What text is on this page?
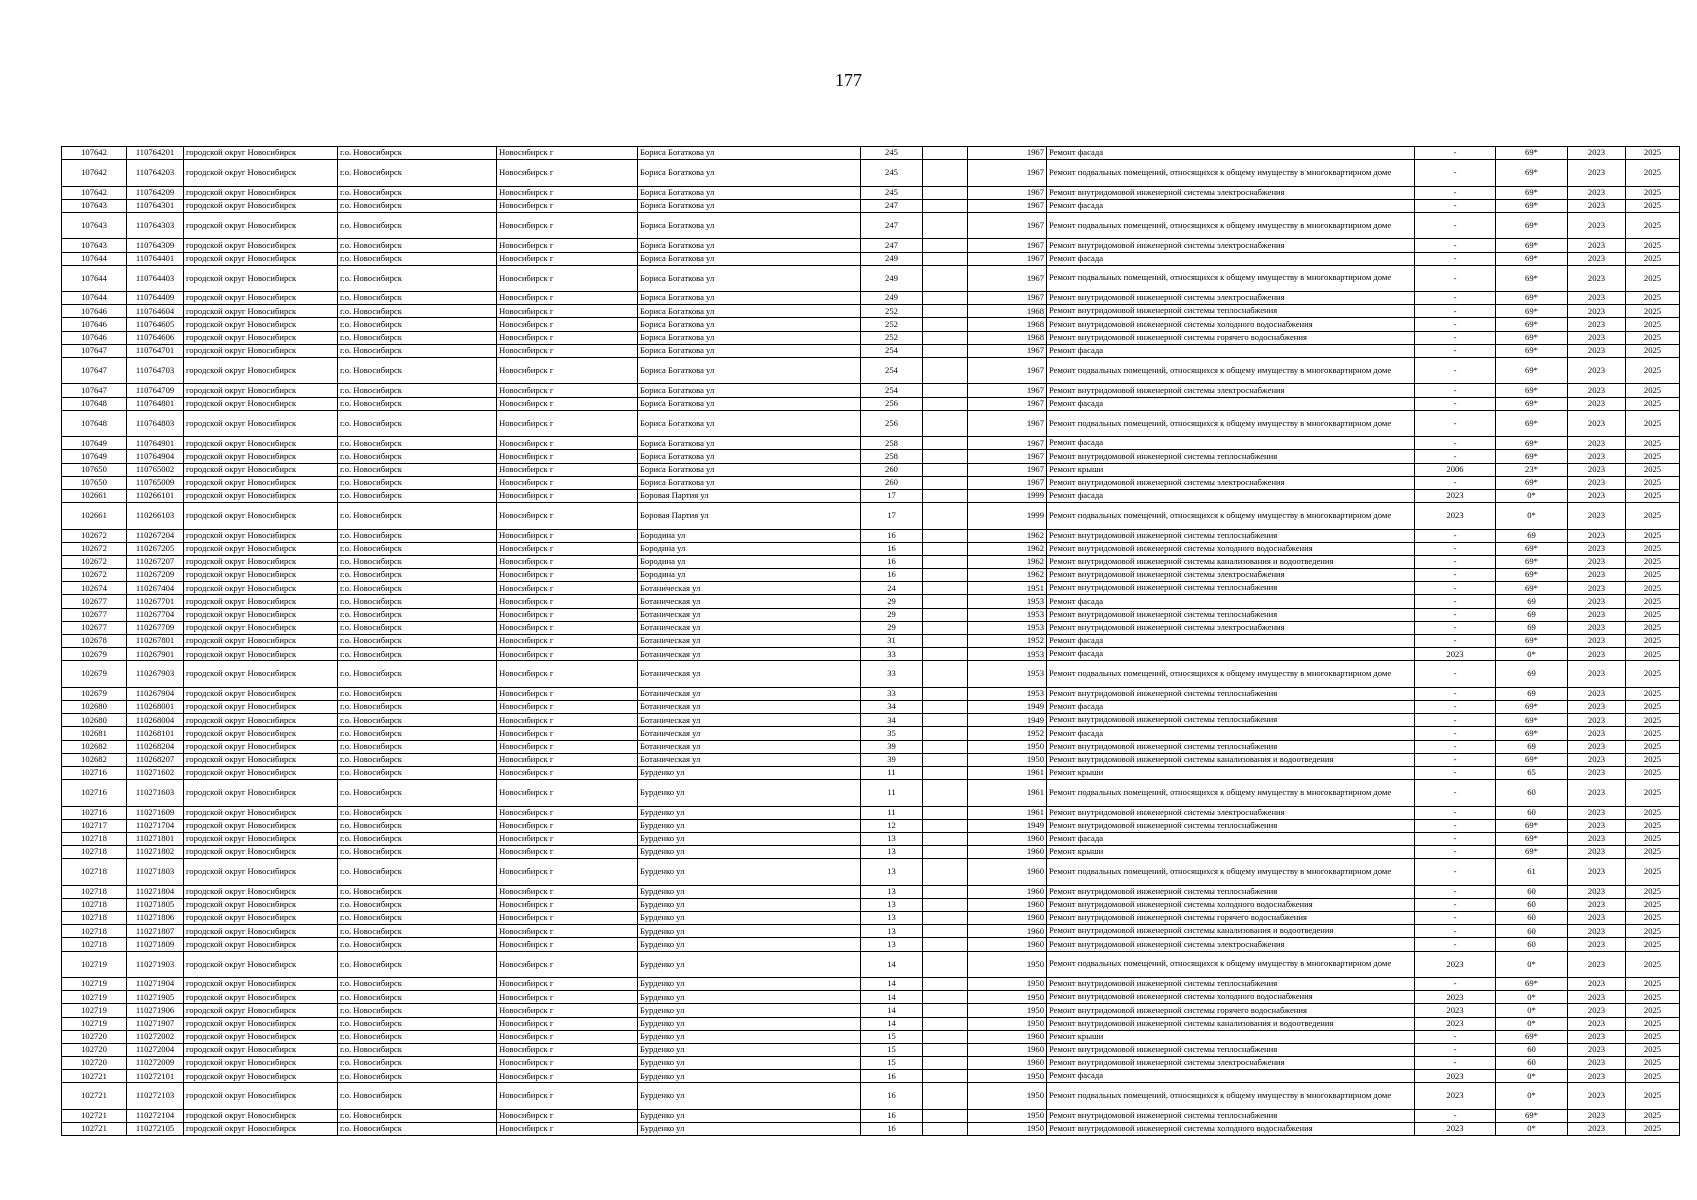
177
107642	110764201	городской округ Новосибирск	г.о. Новосибирск	Новосибирск г	Бориса Богаткова ул	245		1967	Ремонт фасада	-	69*	2023	2025
107642	110764203	городской округ Новосибирск	г.о. Новосибирск	Новосибирск г	Бориса Богаткова ул	245		1967	Ремонт подвальных помещений, относящихся к общему имуществу в многоквартирном доме	-	69*	2023	2025
107642	110764209	городской округ Новосибирск	г.о. Новосибирск	Новосибирск г	Бориса Богаткова ул	245		1967	Ремонт внутридомовой инженерной системы электроснабжения	-	69*	2023	2025
107643	110764301	городской округ Новосибирск	г.о. Новосибирск	Новосибирск г	Бориса Богаткова ул	247		1967	Ремонт фасада	-	69*	2023	2025
107643	110764303	городской округ Новосибирск	г.о. Новосибирск	Новосибирск г	Бориса Богаткова ул	247		1967	Ремонт подвальных помещений, относящихся к общему имуществу в многоквартирном доме	-	69*	2023	2025
107643	110764309	городской округ Новосибирск	г.о. Новосибирск	Новосибирск г	Бориса Богаткова ул	247		1967	Ремонт внутридомовой инженерной системы электроснабжения	-	69*	2023	2025
107644	110764401	городской округ Новосибирск	г.о. Новосибирск	Новосибирск г	Бориса Богаткова ул	249		1967	Ремонт фасада	-	69*	2023	2025
107644	110764403	городской округ Новосибирск	г.о. Новосибирск	Новосибирск г	Бориса Богаткова ул	249		1967	Ремонт подвальных помещений, относящихся к общему имуществу в многоквартирном доме	-	69*	2023	2025
107644	110764409	городской округ Новосибирск	г.о. Новосибирск	Новосибирск г	Бориса Богаткова ул	249		1967	Ремонт внутридомовой инженерной системы электроснабжения	-	69*	2023	2025
107646	110764604	городской округ Новосибирск	г.о. Новосибирск	Новосибирск г	Бориса Богаткова ул	252		1968	Ремонт внутридомовой инженерной системы теплоснабжения	-	69*	2023	2025
107646	110764605	городской округ Новосибирск	г.о. Новосибирск	Новосибирск г	Бориса Богаткова ул	252		1968	Ремонт внутридомовой инженерной системы холодного водоснабжения	-	69*	2023	2025
107646	110764606	городской округ Новосибирск	г.о. Новосибирск	Новосибирск г	Бориса Богаткова ул	252		1968	Ремонт внутридомовой инженерной системы горячего водоснабжения	-	69*	2023	2025
107647	110764701	городской округ Новосибирск	г.о. Новосибирск	Новосибирск г	Бориса Богаткова ул	254		1967	Ремонт фасада	-	69*	2023	2025
107647	110764703	городской округ Новосибирск	г.о. Новосибирск	Новосибирск г	Бориса Богаткова ул	254		1967	Ремонт подвальных помещений, относящихся к общему имуществу в многоквартирном доме	-	69*	2023	2025
107647	110764709	городской округ Новосибирск	г.о. Новосибирск	Новосибирск г	Бориса Богаткова ул	254		1967	Ремонт внутридомовой инженерной системы электроснабжения	-	69*	2023	2025
107648	110764801	городской округ Новосибирск	г.о. Новосибирск	Новосибирск г	Бориса Богаткова ул	256		1967	Ремонт фасада	-	69*	2023	2025
107648	110764803	городской округ Новосибирск	г.о. Новосибирск	Новосибирск г	Бориса Богаткова ул	256		1967	Ремонт подвальных помещений, относящихся к общему имуществу в многоквартирном доме	-	69*	2023	2025
107649	110764901	городской округ Новосибирск	г.о. Новосибирск	Новосибирск г	Бориса Богаткова ул	258		1967	Ремонт фасада	-	69*	2023	2025
107649	110764904	городской округ Новосибирск	г.о. Новосибирск	Новосибирск г	Бориса Богаткова ул	258		1967	Ремонт внутридомовой инженерной системы теплоснабжения	-	69*	2023	2025
107650	110765002	городской округ Новосибирск	г.о. Новосибирск	Новосибирск г	Бориса Богаткова ул	260		1967	Ремонт крыши	2006	23*	2023	2025
107650	110765009	городской округ Новосибирск	г.о. Новосибирск	Новосибирск г	Бориса Богаткова ул	260		1967	Ремонт внутридомовой инженерной системы электроснабжения	-	69*	2023	2025
102661	110266101	городской округ Новосибирск	г.о. Новосибирск	Новосибирск г	Боровая Партия ул	17		1999	Ремонт фасада	2023	0*	2023	2025
102661	110266103	городской округ Новосибирск	г.о. Новосибирск	Новосибирск г	Боровая Партия ул	17		1999	Ремонт подвальных помещений, относящихся к общему имуществу в многоквартирном доме	2023	0*	2023	2025
102672	110267204	городской округ Новосибирск	г.о. Новосибирск	Новосибирск г	Бородина ул	16		1962	Ремонт внутридомовой инженерной системы теплоснабжения	-	69	2023	2025
102672	110267205	городской округ Новосибирск	г.о. Новосибирск	Новосибирск г	Бородина ул	16		1962	Ремонт внутридомовой инженерной системы холодного водоснабжения	-	69*	2023	2025
102672	110267207	городской округ Новосибирск	г.о. Новосибирск	Новосибирск г	Бородина ул	16		1962	Ремонт внутридомовой инженерной системы канализования и водоотведения	-	69*	2023	2025
102672	110267209	городской округ Новосибирск	г.о. Новосибирск	Новосибирск г	Бородина ул	16		1962	Ремонт внутридомовой инженерной системы электроснабжения	-	69*	2023	2025
102674	110267404	городской округ Новосибирск	г.о. Новосибирск	Новосибирск г	Ботаническая ул	24		1951	Ремонт внутридомовой инженерной системы теплоснабжения	-	69*	2023	2025
102677	110267701	городской округ Новосибирск	г.о. Новосибирск	Новосибирск г	Ботаническая ул	29		1953	Ремонт фасада	-	69	2023	2025
102677	110267704	городской округ Новосибирск	г.о. Новосибирск	Новосибирск г	Ботаническая ул	29		1953	Ремонт внутридомовой инженерной системы теплоснабжения	-	69	2023	2025
102677	110267709	городской округ Новосибирск	г.о. Новосибирск	Новосибирск г	Ботаническая ул	29		1953	Ремонт внутридомовой инженерной системы электроснабжения	-	69	2023	2025
102678	110267801	городской округ Новосибирск	г.о. Новосибирск	Новосибирск г	Ботаническая ул	31		1952	Ремонт фасада	-	69*	2023	2025
102679	110267901	городской округ Новосибирск	г.о. Новосибирск	Новосибирск г	Ботаническая ул	33		1953	Ремонт фасада	2023	0*	2023	2025
102679	110267903	городской округ Новосибирск	г.о. Новосибирск	Новосибирск г	Ботаническая ул	33		1953	Ремонт подвальных помещений, относящихся к общему имуществу в многоквартирном доме	-	69	2023	2025
102679	110267904	городской округ Новосибирск	г.о. Новосибирск	Новосибирск г	Ботаническая ул	33		1953	Ремонт внутридомовой инженерной системы теплоснабжения	-	69	2023	2025
102680	110268001	городской округ Новосибирск	г.о. Новосибирск	Новосибирск г	Ботаническая ул	34		1949	Ремонт фасада	-	69*	2023	2025
102680	110268004	городской округ Новосибирск	г.о. Новосибирск	Новосибирск г	Ботаническая ул	34		1949	Ремонт внутридомовой инженерной системы теплоснабжения	-	69*	2023	2025
102681	110268101	городской округ Новосибирск	г.о. Новосибирск	Новосибирск г	Ботаническая ул	35		1952	Ремонт фасада	-	69*	2023	2025
102682	110268204	городской округ Новосибирск	г.о. Новосибирск	Новосибирск г	Ботаническая ул	39		1950	Ремонт внутридомовой инженерной системы теплоснабжения	-	69	2023	2025
102682	110268207	городской округ Новосибирск	г.о. Новосибирск	Новосибирск г	Ботаническая ул	39		1950	Ремонт внутридомовой инженерной системы канализования и водоотведения	-	69*	2023	2025
102716	110271602	городской округ Новосибирск	г.о. Новосибирск	Новосибирск г	Бурденко ул	11		1961	Ремонт крыши	-	65	2023	2025
102716	110271603	городской округ Новосибирск	г.о. Новосибирск	Новосибирск г	Бурденко ул	11		1961	Ремонт подвальных помещений, относящихся к общему имуществу в многоквартирном доме	-	60	2023	2025
102716	110271609	городской округ Новосибирск	г.о. Новосибирск	Новосибирск г	Бурденко ул	11		1961	Ремонт внутридомовой инженерной системы электроснабжения	-	60	2023	2025
102717	110271704	городской округ Новосибирск	г.о. Новосибирск	Новосибирск г	Бурденко ул	12		1949	Ремонт внутридомовой инженерной системы теплоснабжения	-	69*	2023	2025
102718	110271801	городской округ Новосибирск	г.о. Новосибирск	Новосибирск г	Бурденко ул	13		1960	Ремонт фасада	-	69*	2023	2025
102718	110271802	городской округ Новосибирск	г.о. Новосибирск	Новосибирск г	Бурденко ул	13		1960	Ремонт крыши	-	69*	2023	2025
102718	110271803	городской округ Новосибирск	г.о. Новосибирск	Новосибирск г	Бурденко ул	13		1960	Ремонт подвальных помещений, относящихся к общему имуществу в многоквартирном доме	-	61	2023	2025
102718	110271804	городской округ Новосибирск	г.о. Новосибирск	Новосибирск г	Бурденко ул	13		1960	Ремонт внутридомовой инженерной системы теплоснабжения	-	60	2023	2025
102718	110271805	городской округ Новосибирск	г.о. Новосибирск	Новосибирск г	Бурденко ул	13		1960	Ремонт внутридомовой инженерной системы холодного водоснабжения	-	60	2023	2025
102718	110271806	городской округ Новосибирск	г.о. Новосибирск	Новосибирск г	Бурденко ул	13		1960	Ремонт внутридомовой инженерной системы горячего водоснабжения	-	60	2023	2025
102718	110271807	городской округ Новосибирск	г.о. Новосибирск	Новосибирск г	Бурденко ул	13		1960	Ремонт внутридомовой инженерной системы канализования и водоотведения	-	60	2023	2025
102718	110271809	городской округ Новосибирск	г.о. Новосибирск	Новосибирск г	Бурденко ул	13		1960	Ремонт внутридомовой инженерной системы электроснабжения	-	60	2023	2025
102719	110271903	городской округ Новосибирск	г.о. Новосибирск	Новосибирск г	Бурденко ул	14		1950	Ремонт подвальных помещений, относящихся к общему имуществу в многоквартирном доме	2023	0*	2023	2025
102719	110271904	городской округ Новосибирск	г.о. Новосибирск	Новосибирск г	Бурденко ул	14		1950	Ремонт внутридомовой инженерной системы теплоснабжения	-	69*	2023	2025
102719	110271905	городской округ Новосибирск	г.о. Новосибирск	Новосибирск г	Бурденко ул	14		1950	Ремонт внутридомовой инженерной системы холодного водоснабжения	2023	0*	2023	2025
102719	110271906	городской округ Новосибирск	г.о. Новосибирск	Новосибирск г	Бурденко ул	14		1950	Ремонт внутридомовой инженерной системы горячего водоснабжения	2023	0*	2023	2025
102719	110271907	городской округ Новосибирск	г.о. Новосибирск	Новосибирск г	Бурденко ул	14		1950	Ремонт внутридомовой инженерной системы канализования и водоотведения	2023	0*	2023	2025
102720	110272002	городской округ Новосибирск	г.о. Новосибирск	Новосибирск г	Бурденко ул	15		1960	Ремонт крыши	-	69*	2023	2025
102720	110272004	городской округ Новосибирск	г.о. Новосибирск	Новосибирск г	Бурденко ул	15		1960	Ремонт внутридомовой инженерной системы теплоснабжения	-	60	2023	2025
102720	110272009	городской округ Новосибирск	г.о. Новосибирск	Новосибирск г	Бурденко ул	15		1960	Ремонт внутридомовой инженерной системы электроснабжения	-	60	2023	2025
102721	110272101	городской округ Новосибирск	г.о. Новосибирск	Новосибирск г	Бурденко ул	16		1950	Ремонт фасада	2023	0*	2023	2025
102721	110272103	городской округ Новосибирск	г.о. Новосибирск	Новосибирск г	Бурденко ул	16		1950	Ремонт подвальных помещений, относящихся к общему имуществу в многоквартирном доме	2023	0*	2023	2025
102721	110272104	городской округ Новосибирск	г.о. Новосибирск	Новосибирск г	Бурденко ул	16		1950	Ремонт внутридомовой инженерной системы теплоснабжения	-	69*	2023	2025
102721	110272105	городской округ Новосибирск	г.о. Новосибирск	Новосибирск г	Бурденко ул	16		1950	Ремонт внутридомовой инженерной системы холодного водоснабжения	2023	0*	2023	2025
